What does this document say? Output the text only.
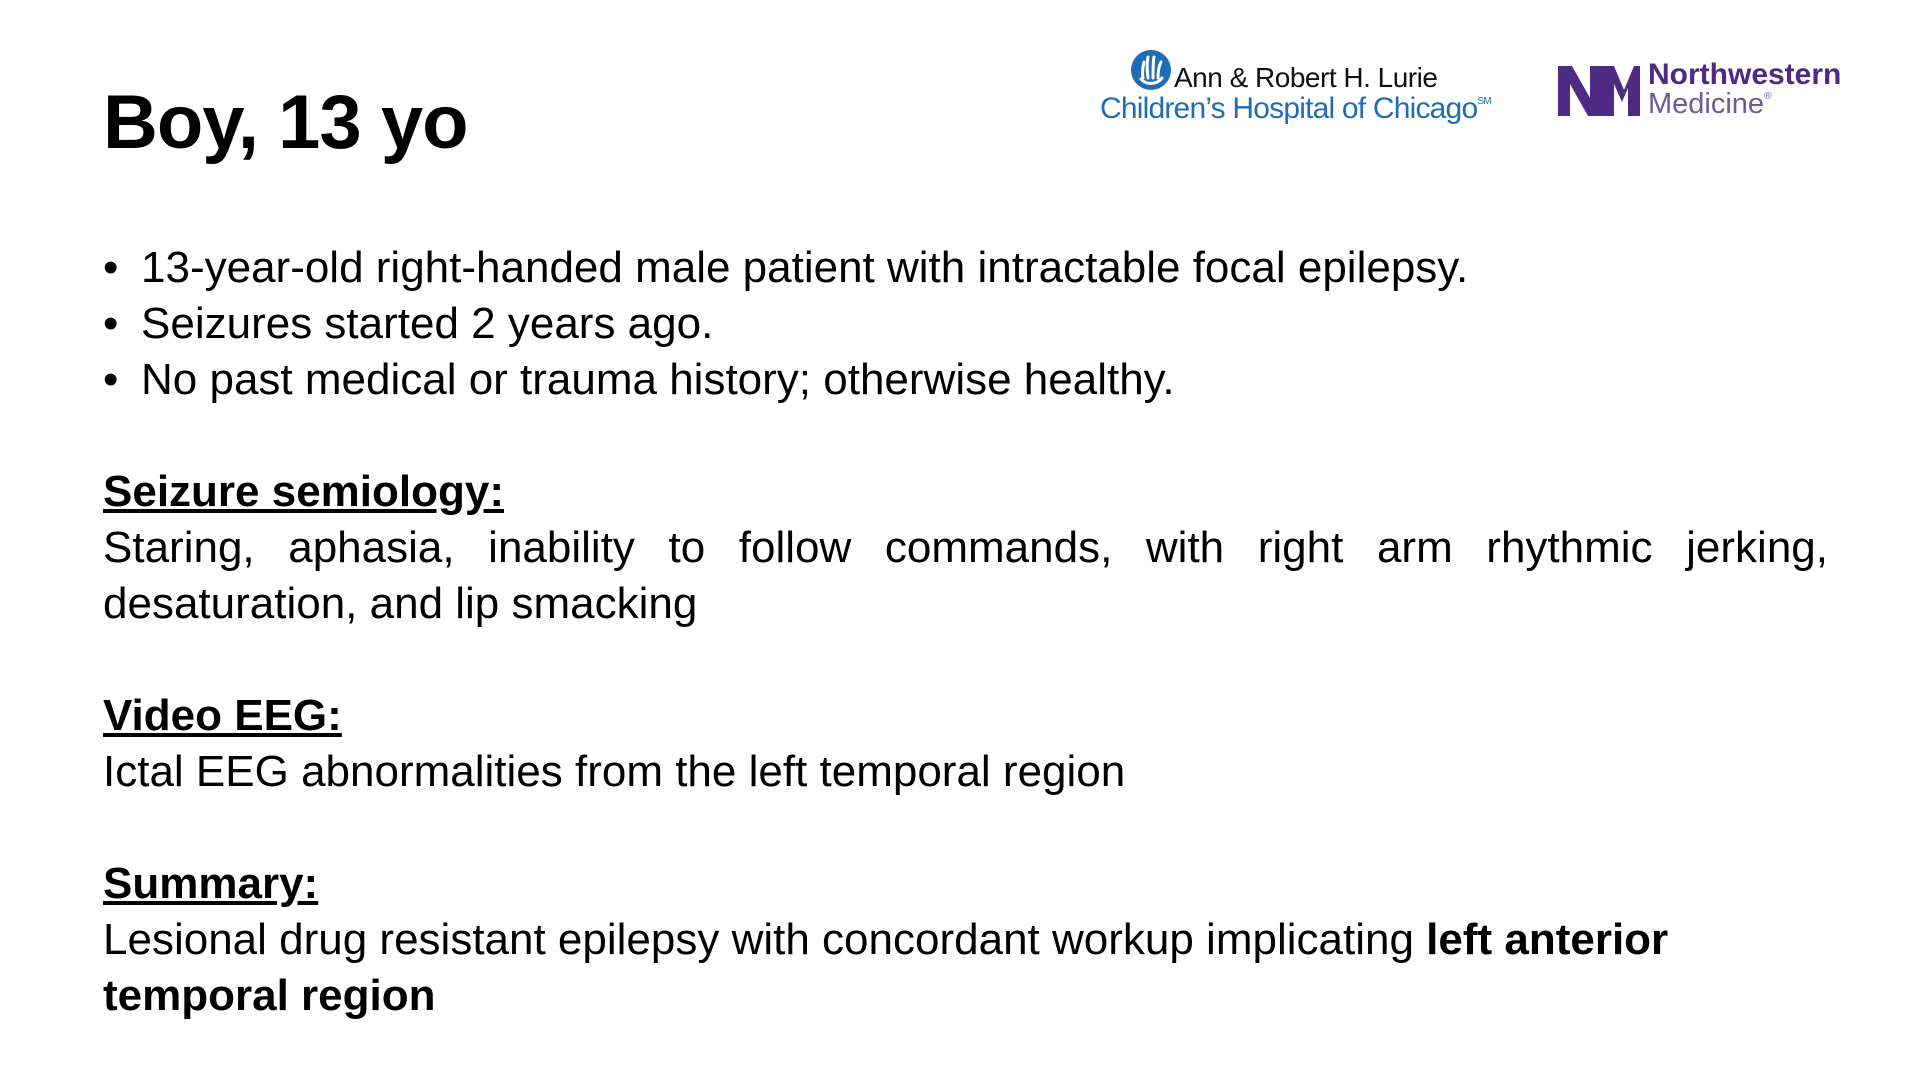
Boy, 13 yo
Ann & Robert H. Lurie
Children’s Hospital of Chicago℠
Northwestern
Medicine®
• 13-year-old right-handed male patient with intractable focal epilepsy.
• Seizures started 2 years ago.
• No past medical or trauma history; otherwise healthy.
Seizure semiology:

Staring, aphasia, inability to follow commands, with right arm rhythmic jerking, desaturation, and lip smacking

Video EEG:

Ictal EEG abnormalities from the left temporal region

Summary:

Lesional drug resistant epilepsy with concordant workup implicating left anterior temporal region
